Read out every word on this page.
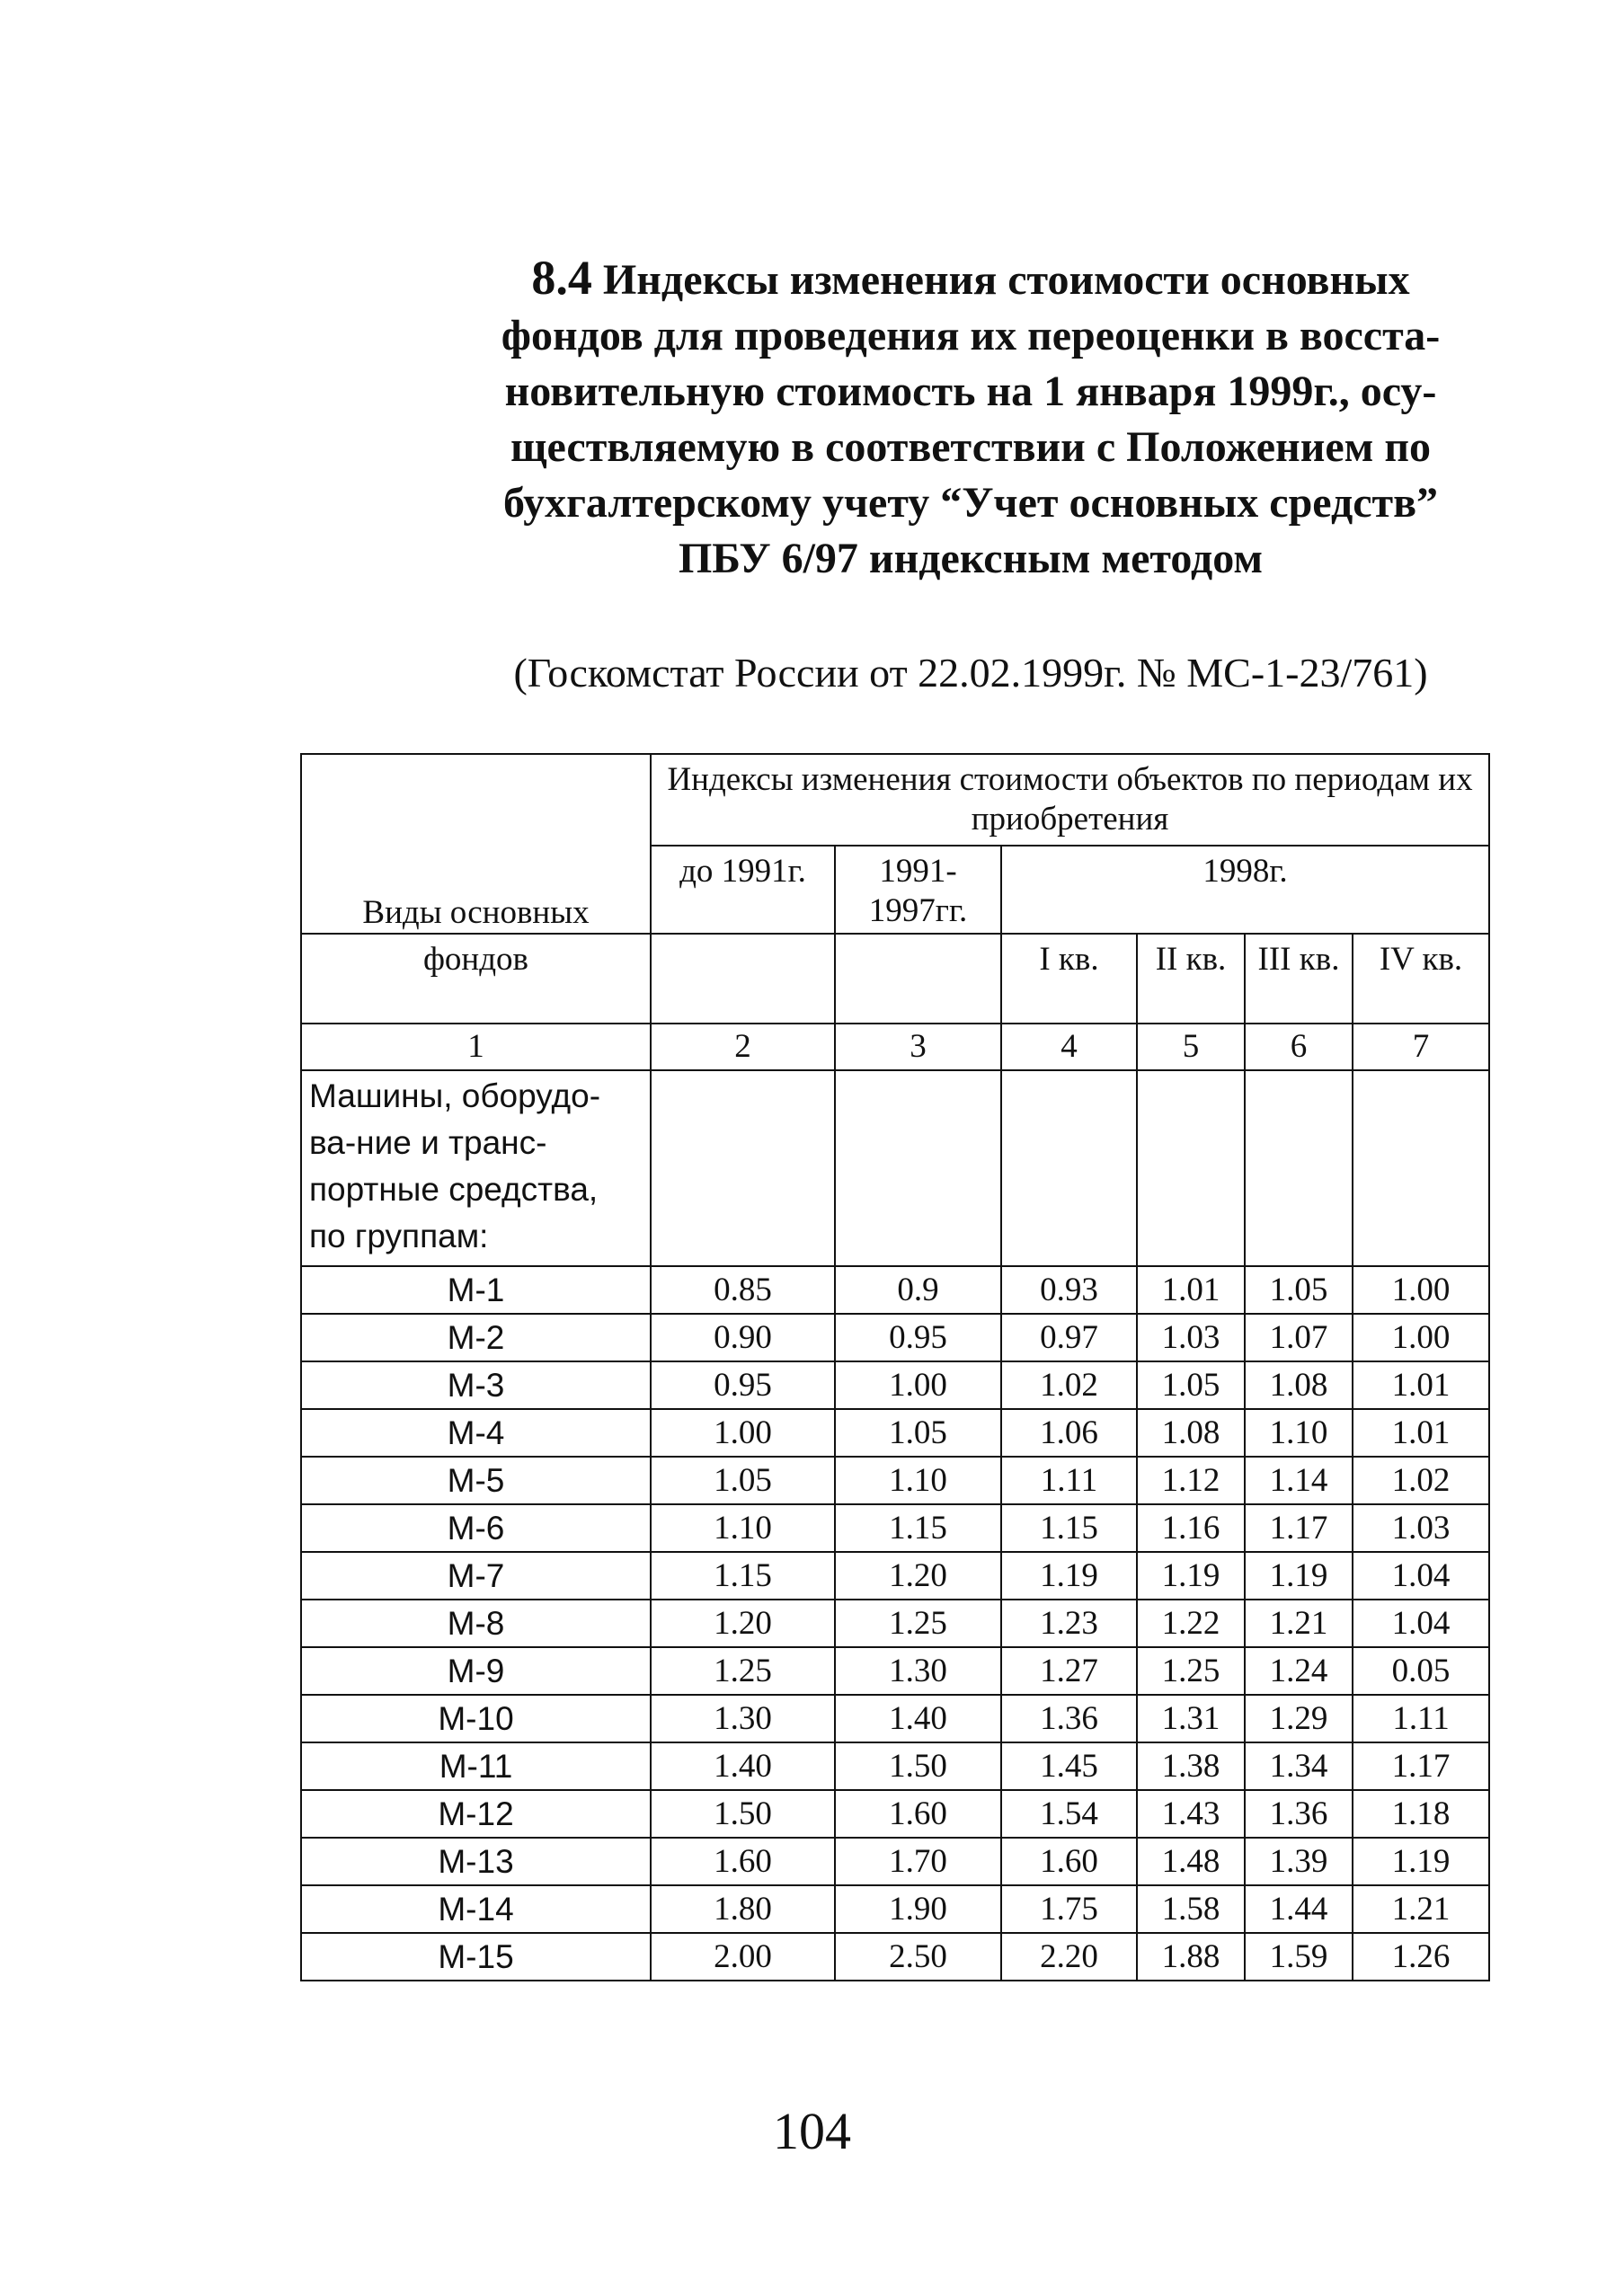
8.4 Индексы изменения стоимости основных
фондов для проведения их переоценки в восста-
новительную стоимость на 1 января 1999г., осу-
ществляемую в соответствии с Положением по
бухгалтерскому учету “Учет основных средств”
ПБУ 6/97 индексным методом
(Госкомстат России от 22.02.1999г. № МС-1-23/761)
Виды основных	Индексы изменения стоимости объектов по периодам их приобретения					
	до 1991г.	1991-1997гг.	1998г.			
фондов			I кв.	II кв.	III кв.	IV кв.
1	2	3	4	5	6	7

Машины, оборудо-
ва-ние и транс-
портные средства,
по группам:						

М-1	0.85	0.9	0.93	1.01	1.05	1.00
М-2	0.90	0.95	0.97	1.03	1.07	1.00
М-3	0.95	1.00	1.02	1.05	1.08	1.01
М-4	1.00	1.05	1.06	1.08	1.10	1.01
М-5	1.05	1.10	1.11	1.12	1.14	1.02
М-6	1.10	1.15	1.15	1.16	1.17	1.03
М-7	1.15	1.20	1.19	1.19	1.19	1.04
М-8	1.20	1.25	1.23	1.22	1.21	1.04
М-9	1.25	1.30	1.27	1.25	1.24	0.05
М-10	1.30	1.40	1.36	1.31	1.29	1.11
М-11	1.40	1.50	1.45	1.38	1.34	1.17
М-12	1.50	1.60	1.54	1.43	1.36	1.18
М-13	1.60	1.70	1.60	1.48	1.39	1.19
М-14	1.80	1.90	1.75	1.58	1.44	1.21
М-15	2.00	2.50	2.20	1.88	1.59	1.26
104
